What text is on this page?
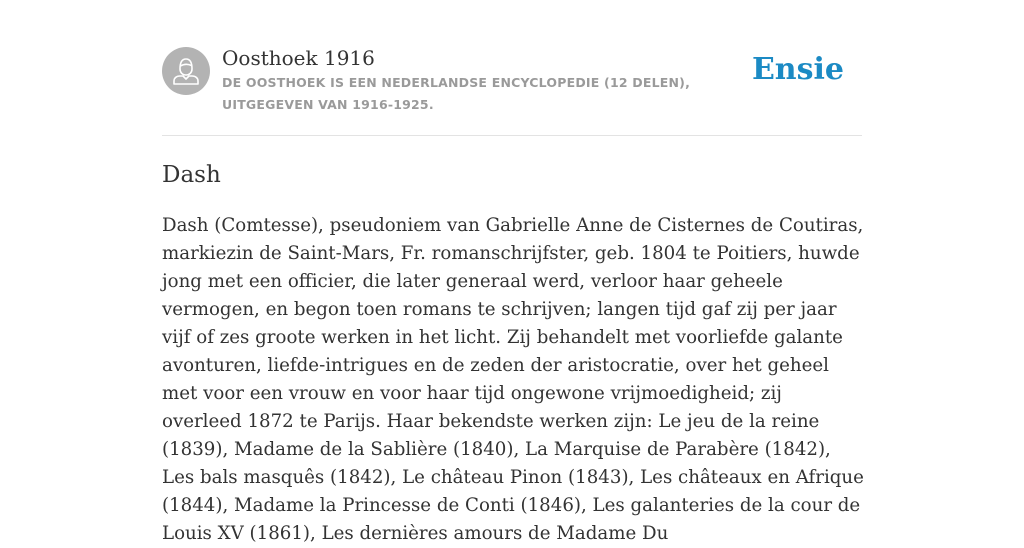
Oosthoek 1916
DE OOSTHOEK IS EEN NEDERLANDSE ENCYCLOPEDIE (12 DELEN), UITGEGEVEN VAN 1916-1925.
Ensie
Dash

Dash (Comtesse), pseudoniem van Gabrielle Anne de Cisternes de Coutiras, markiezin de Saint-Mars, Fr. romanschrijfster, geb. 1804 te Poitiers, huwde jong met een officier, die later generaal werd, verloor haar geheele vermogen, en begon toen romans te schrijven; langen tijd gaf zij per jaar vijf of zes groote werken in het licht. Zij behandelt met voorliefde galante avonturen, liefde-intrigues en de zeden der aristocratie, over het geheel met voor een vrouw en voor haar tijd ongewone vrijmoedigheid; zij overleed 1872 te Parijs. Haar bekendste werken zijn: Le jeu de la reine (1839), Madame de la Sablière (1840), La Marquise de Parabère (1842), Les bals masquês (1842), Le château Pinon (1843), Les châteaux en Afrique (1844), Madame la Princesse de Conti (1846), Les galanteries de la cour de Louis XV (1861), Les dernières amours de Madame Du
